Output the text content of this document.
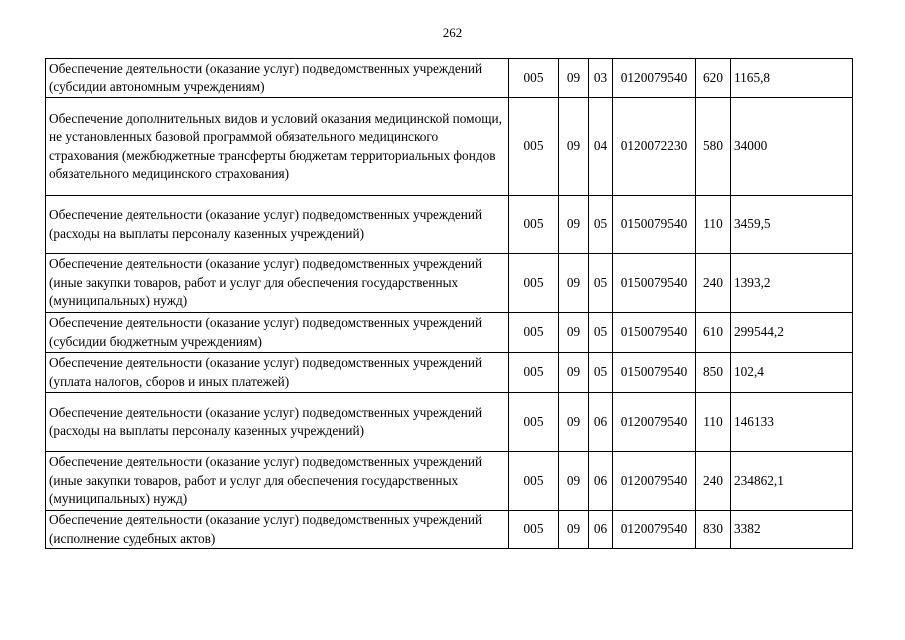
262
Обеспечение деятельности (оказание услуг) подведомственных учреждений (субсидии автономным учреждениям)	005	09	03	0120079540	620	1165,8
Обеспечение дополнительных видов и условий оказания медицинской помощи, не установленных базовой программой обязательного медицинского страхования (межбюджетные трансферты бюджетам территориальных фондов обязательного медицинского страхования)	005	09	04	0120072230	580	34000
Обеспечение деятельности (оказание услуг) подведомственных учреждений (расходы на выплаты персоналу казенных учреждений)	005	09	05	0150079540	110	3459,5
Обеспечение деятельности (оказание услуг) подведомственных учреждений (иные закупки товаров, работ и услуг для обеспечения государственных (муниципальных) нужд)	005	09	05	0150079540	240	1393,2
Обеспечение деятельности (оказание услуг) подведомственных учреждений (субсидии бюджетным учреждениям)	005	09	05	0150079540	610	299544,2
Обеспечение деятельности (оказание услуг) подведомственных учреждений (уплата налогов, сборов и иных платежей)	005	09	05	0150079540	850	102,4
Обеспечение деятельности (оказание услуг) подведомственных учреждений (расходы на выплаты персоналу казенных учреждений)	005	09	06	0120079540	110	146133
Обеспечение деятельности (оказание услуг) подведомственных учреждений (иные закупки товаров, работ и услуг для обеспечения государственных (муниципальных) нужд)	005	09	06	0120079540	240	234862,1
Обеспечение деятельности (оказание услуг) подведомственных учреждений (исполнение судебных актов)	005	09	06	0120079540	830	3382
